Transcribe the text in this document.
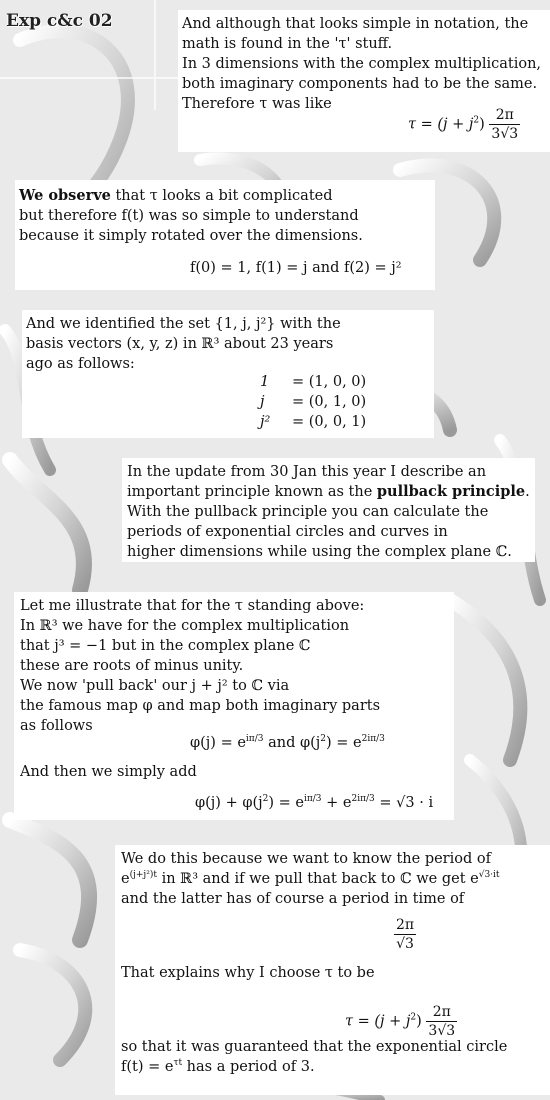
Exp c&c 02	And although that looks simple in notation, the
math is found in the 'τ' stuff.
In 3 dimensions with the complex multiplication,
both imaginary components had to be the same.
Therefore τ was like
$\tau = (j + j^2) \frac{2\pi}{3√3}$
We observe that τ looks a bit complicated
but therefore f(t) was so simple to understand
because it simply rotated over the dimensions.
f(0) = 1, f(1) = j and f(2) = j²
And we identified the set {1, j, j²} with the
basis vectors (x, y, z) in ℝ³ about 23 years
ago as follows:
1	= (1, 0, 0)
j	= (0, 1, 0)
j²	= (0, 0, 1)
In the update from 30 Jan this year I describe an
important principle known as the pullback principle.
With the pullback principle you can calculate the
periods of exponential circles and curves in
higher dimensions while using the complex plane ℂ.
Let me illustrate that for the τ standing above:
In ℝ³ we have for the complex multiplication
that j³ = −1 but in the complex plane ℂ
these are roots of minus unity.
We now 'pull back' our j + j² to ℂ via
the famous map φ and map both imaginary parts
as follows
And then we simply add
$\varphi(j) = e^{i\pi/3}$ and $\varphi(j^2) = e^{2i\pi/3}$
$\varphi(j) + \varphi(j^2) = e^{i\pi/3} + e^{2i\pi/3} = √3 \cdot i$
We do this because we want to know the period of
$e^{(j+j^2)t}$ in ℝ³ and if we pull that back to ℂ we get $e^{√3\cdot it}$
and the latter has of course a period in time of
That explains why I choose τ to be
so that it was guaranteed that the exponential circle
$f(t) = e^{\tau t}$ has a period of 3.
$\frac{2\pi}{√3}$
$\tau = (j + j^2) \frac{2\pi}{3√3}$
